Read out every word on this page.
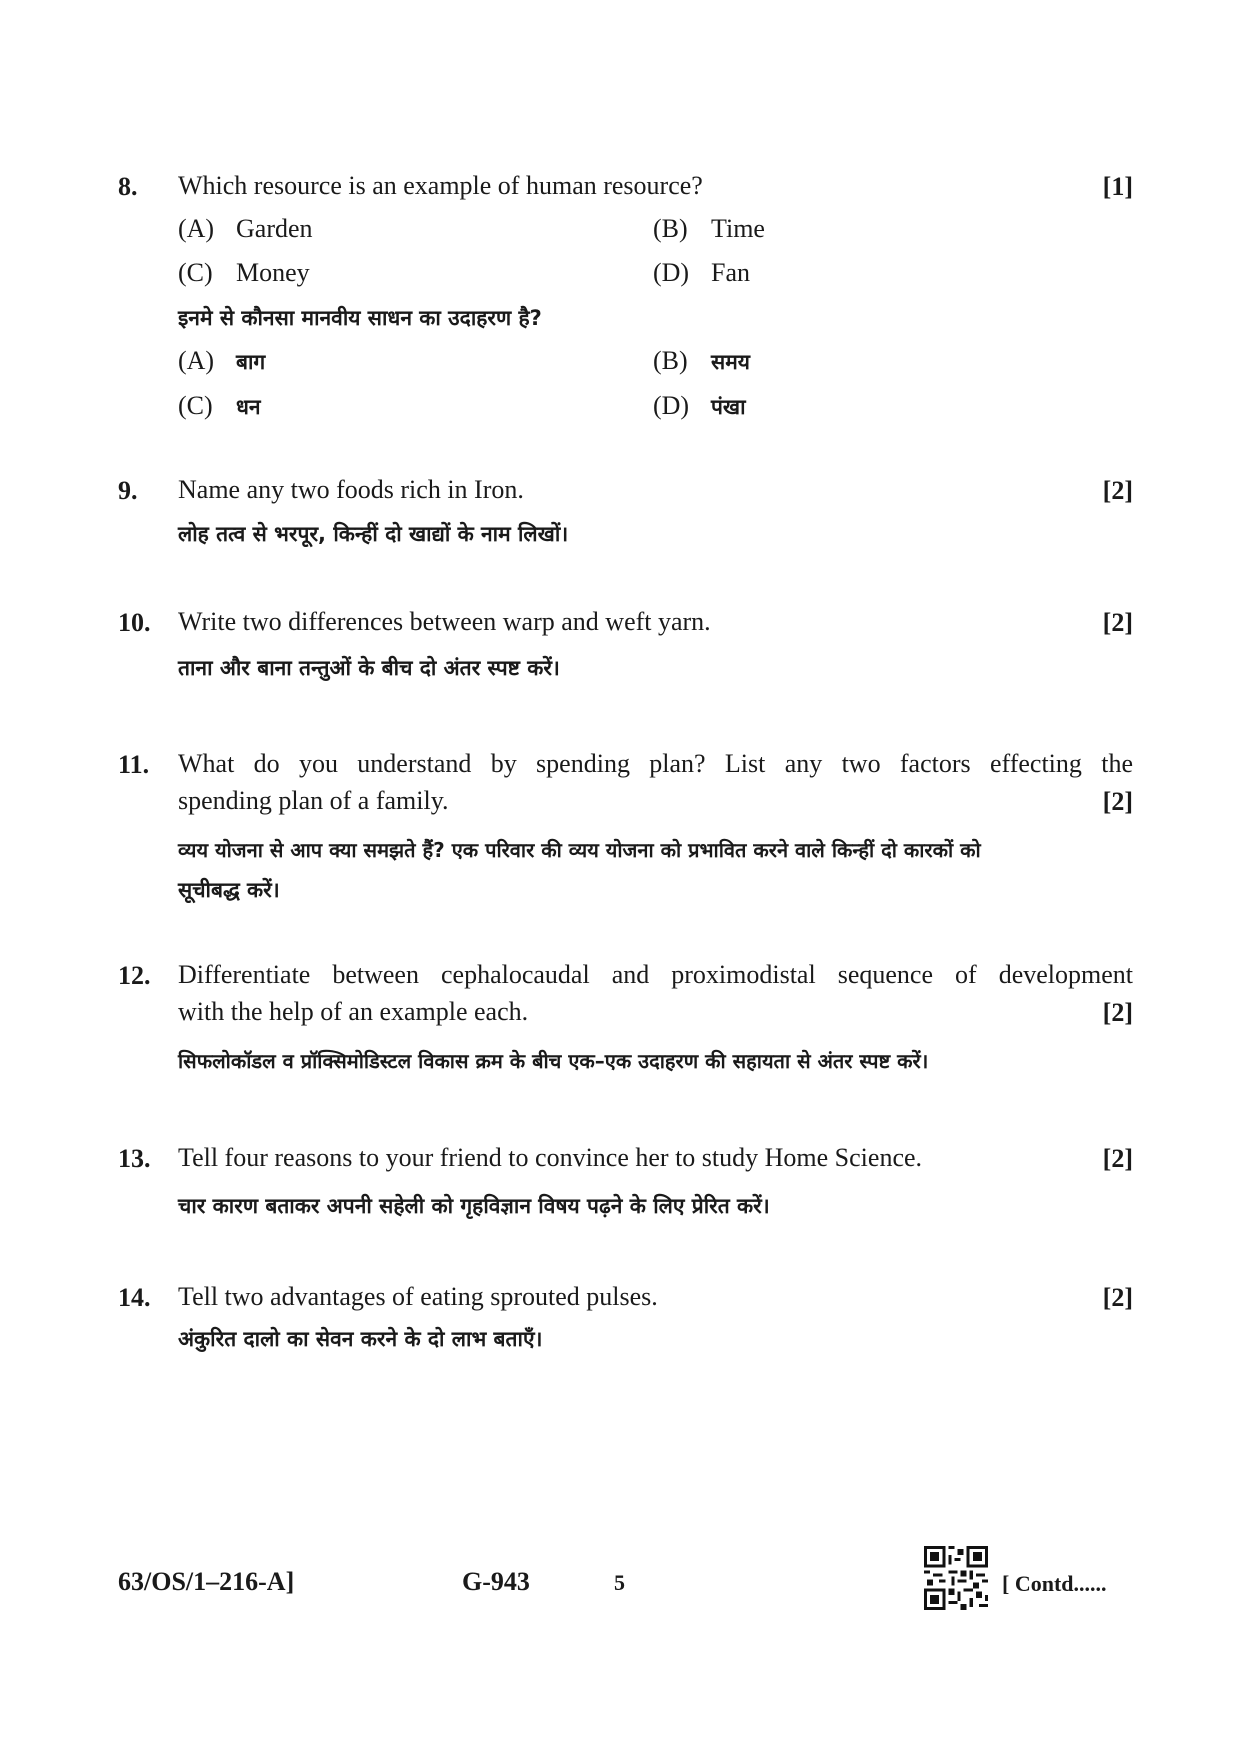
8. Which resource is an example of human resource?	[1]
(A) Garden	(B) Time
(C) Money	(D) Fan
इनमे से कौनसा मानवीय साधन का उदाहरण है?
(A) बाग	(B) समय
(C) धन	(D) पंखा
9. Name any two foods rich in Iron.	[2]
लोह तत्व से भरपूर, किन्हीं दो खाद्यों के नाम लिखों।
10. Write two differences between warp and weft yarn.	[2]
ताना और बाना तन्तुओं के बीच दो अंतर स्पष्ट करें।
11. What do you understand by spending plan? List any two factors effecting the
spending plan of a family.	[2]
व्यय योजना से आप क्या समझते हैं? एक परिवार की व्यय योजना को प्रभावित करने वाले किन्हीं दो कारकों को
सूचीबद्ध करें।
12. Differentiate between cephalocaudal and proximodistal sequence of development
with the help of an example each.	[2]
सिफलोकॉडल व प्रॉक्सिमोडिस्टल विकास क्रम के बीच एक–एक उदाहरण की सहायता से अंतर स्पष्ट करें।
13. Tell four reasons to your friend to convince her to study Home Science.	[2]
चार कारण बताकर अपनी सहेली को गृहविज्ञान विषय पढ़ने के लिए प्रेरित करें।
14. Tell two advantages of eating sprouted pulses.	[2]
अंकुरित दालो का सेवन करने के दो लाभ बताएँ।
63/OS/1–216-A]	G-943	5	[ Contd......
